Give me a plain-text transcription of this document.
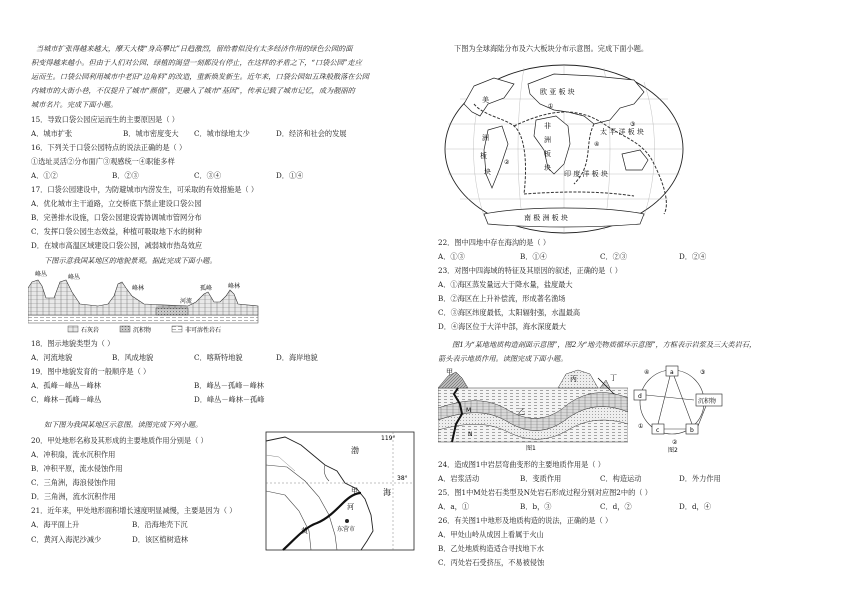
当城市扩张得越来越大，摩天大楼“身高攀比”日趋激烈，留给着似没有太多经济作用的绿色公园的面
积变得越来越小。但由于人们对公园、绿植的渴望一刻都没有停止，在这样的矛盾之下，“口袋公园”走应
运而生。口袋公园利用城市中老旧“边角料”的改造，重新焕发新生。近年来，口袋公园如五珠般散落在公园
内城市的大街小巷，不仅提升了城市“颜值”，更融入了城市“基因”，传承记载了城市记忆，成为靓丽的
城市名片。完成下面小题。
15．导致口袋公园应运而生的主要原因是（ ）
A．城市扩张	B．城市密度变大 C．城市绿地太少	D．经济和社会的发展
16．下列关于口袋公园特点的说法正确的是（ ）
①选址灵活②分布面广③观感统一④职能多样
A．①②	B．②③	C．③④	D．①④
17．口袋公园建设中，为防避城市内涝发生，可采取的有效措施是（ ）
A．优化城市主干道路，立交桥底下禁止建设口袋公园
B．完善排水设施，口袋公园建设需协调城市管网分布
C．发挥口袋公园生态效益，种植可吸取地下水的树种
D．在城市高温区域建设口袋公园，减弱城市热岛效应
下图示意我国某地区的地貌景观。据此完成下面小题。
峰丛	峰丛
峰林
河流
孤峰	峰林
石灰岩	沉积物	非可溶性岩石
18．图示地貌类型为（ ）
A．河流地貌	B．风成地貌	C．喀斯特地貌	D．海岸地貌
19．图中地貌发育的一般顺序是（ ）
A．孤峰－峰丛－峰林	B．峰丛－孤峰－峰林
C．峰林－孤峰－峰丛	D．峰丛－峰林－孤峰
如下图为我国某地区示意图。读图完成下列小题。
20．甲处地形名称及其形成的主要地质作用分别是（ ）
A．冲积扇，流水沉积作用
B．冲积平原，流水侵蚀作用
C．三角洲，海浪侵蚀作用
D．三角洲，流水沉积作用
21．近年来，甲处地形面积增长速度明显减慢，主要是因为（ ）
A．海平面上升	B．沿海地壳下沉
C．黄河入海泥沙减少	D．该区植树造林
119°
渤
海
38°
甲
河
东营市
黄
下图为全球海陆分布及六大板块分布示意图。完成下面小题。
欧 亚 板 块
太 平 洋 板 块
美
洲
板
块
非
洲
板
块
印 度 洋 板 块
南 极 洲 板 块
①
②
③
④
22．图中四地中存在海沟的是（ ）
A．①③	B．①④	C．②③	D．②④
23．对图中四海域的特征及其原因的叙述，正确的是（ ）
A．①海区蒸发量远大于降水量，盐度最大
B．②海区在上升补偿流，形成著名渔场
C．③海区纬度最低，太阳辐射强，水温最高
D．④海区位于大洋中部，海水深度最大
图1为“某地地质构造剖面示意图”，图2为“地壳物质循环示意图”，方框表示岩浆及三大类岩石，
箭头表示地质作用。读图完成下面小题。
甲
丙	丁
乙
M
N
图1
④	a	③
d
沉积物
c	b
①
②
图2
24．造成图1中岩层弯曲变形的主要地质作用是（ ）
A．岩浆活动	B．变质作用	C．构造运动	D．外力作用
25．图1中M处岩石类型及N处岩石形成过程分别对应图2中的（ ）
A．a，①	B．b，③	C．d，②	D．d，④
26．有关图1中地形及地质构造的说法，正确的是（ ）
A．甲处山岭从成因上看属于火山
B．乙处地质构造适合寻找地下水
C．丙处岩石受挤压，不易被侵蚀
